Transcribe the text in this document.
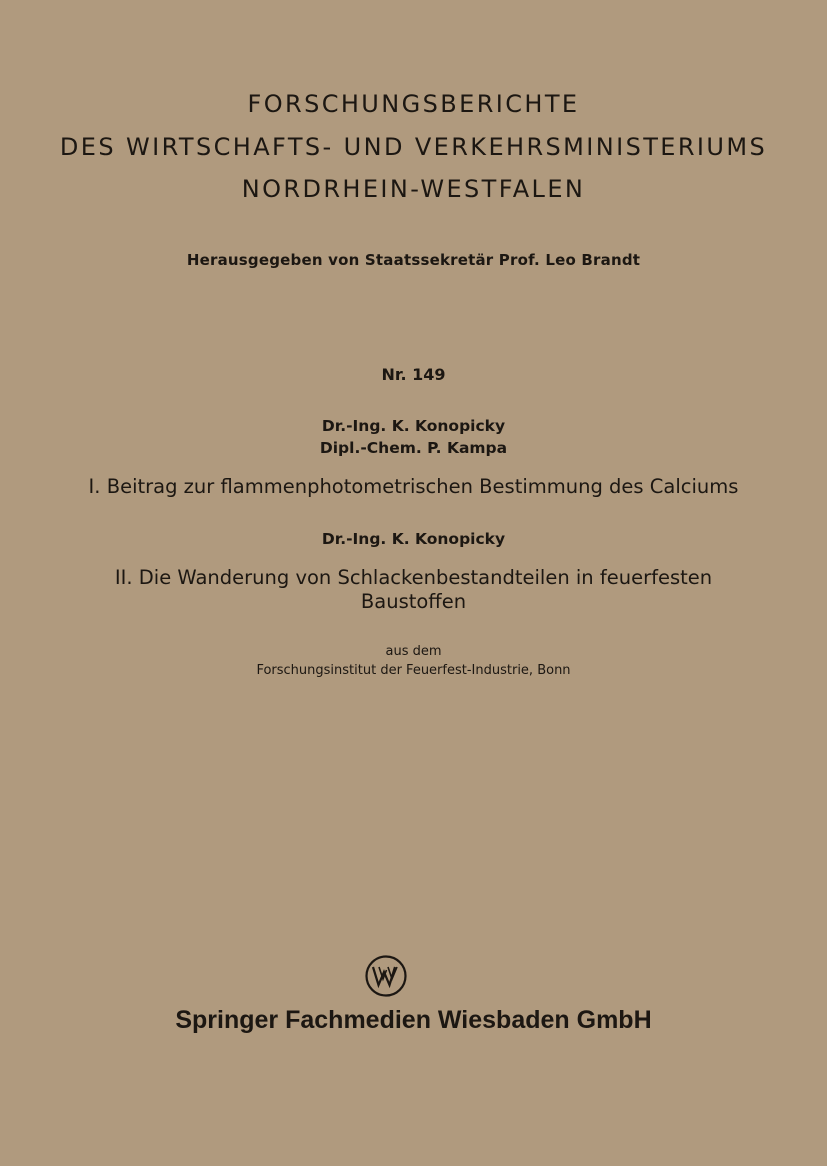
FORSCHUNGSBERICHTE
DES WIRTSCHAFTS- UND VERKEHRSMINISTERIUMS
NORDRHEIN-WESTFALEN
Herausgegeben von Staatssekretär Prof. Leo Brandt
Nr. 149
Dr.-Ing. K. Konopicky
Dipl.-Chem. P. Kampa
I. Beitrag zur flammenphotometrischen Bestimmung des Calciums
Dr.-Ing. K. Konopicky
II. Die Wanderung von Schlackenbestandteilen in feuerfesten
Baustoffen
aus dem
Forschungsinstitut der Feuerfest-Industrie, Bonn
Springer Fachmedien Wiesbaden GmbH
